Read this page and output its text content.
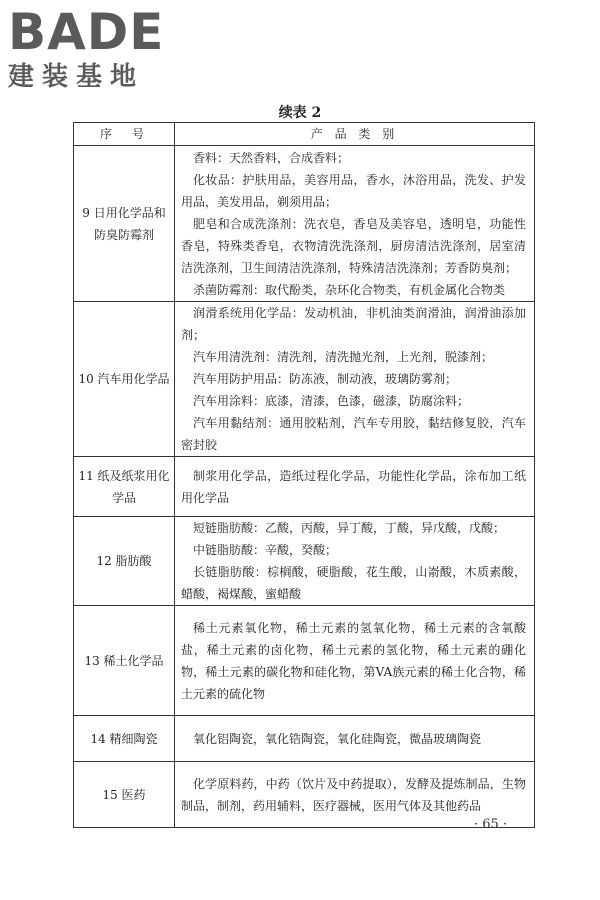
BADE
建装基地
续表 2
序　号	产 品 类 别
9 日用化学品和防臭防霉剂	香料：天然香料，合成香料；

化妆品：护肤用品，美容用品，香水，沐浴用品，洗发、护发用品，美发用品，剃须用品；

肥皂和合成洗涤剂：洗衣皂，香皂及美容皂，透明皂，功能性香皂，特殊类香皂，衣物清洗洗涤剂，厨房清洁洗涤剂，居室清洁洗涤剂，卫生间清洁洗涤剂，特殊清洁洗涤剂；芳香防臭剂；

杀菌防霉剂：取代酚类，杂环化合物类，有机金属化合物类

10 汽车用化学品	润滑系统用化学品：发动机油，非机油类润滑油，润滑油添加剂；

汽车用清洗剂：清洗剂，清洗抛光剂，上光剂，脱漆剂；

汽车用防护用品：防冻液，制动液，玻璃防雾剂；

汽车用涂料：底漆，清漆，色漆，磁漆，防腐涂料；

汽车用黏结剂：通用胶粘剂，汽车专用胶，黏结修复胶，汽车密封胶

11 纸及纸浆用化学品	制浆用化学品，造纸过程化学品，功能性化学品，涂布加工纸用化学品

12 脂肪酸	短链脂肪酸：乙酸，丙酸，异丁酸，丁酸，异戊酸，戊酸；

中链脂肪酸：辛酸，癸酸；

长链脂肪酸：棕榈酸，硬脂酸，花生酸，山嵛酸，木质素酸，蜡酸，褐煤酸，蜜蜡酸

13 稀土化学品	稀土元素氧化物，稀土元素的氢氧化物，稀土元素的含氧酸盐，稀土元素的卤化物，稀土元素的氢化物，稀土元素的硼化物，稀土元素的碳化物和硅化物，第VA族元素的稀土化合物，稀土元素的硫化物

14 精细陶瓷	氧化铝陶瓷，氧化锆陶瓷，氧化硅陶瓷，微晶玻璃陶瓷

15 医药	化学原料药，中药（饮片及中药提取），发酵及提炼制品，生物制品，制剂，药用辅料，医疗器械，医用气体及其他药品

· 65 ·
